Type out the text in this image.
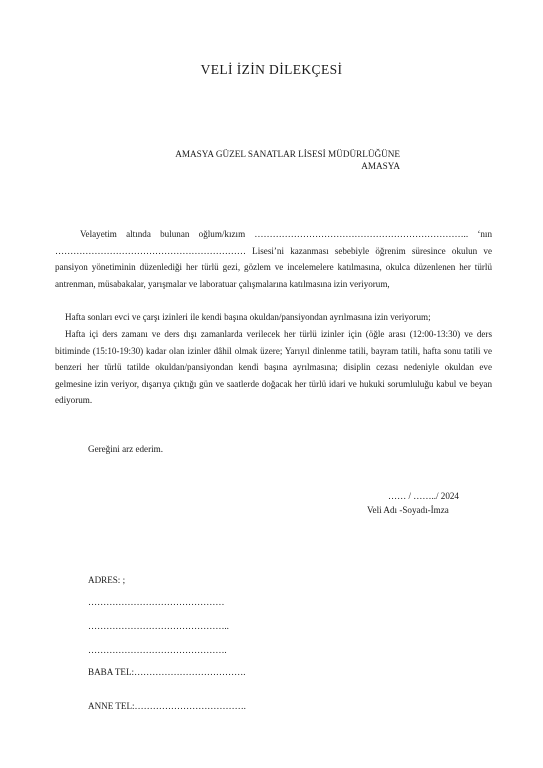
VELİ İZİN DİLEKÇESİ
AMASYA GÜZEL SANATLAR LİSESİ MÜDÜRLÜĞÜNE
AMASYA
Velayetim altında bulunan oğlum/kızım …………………………………………………………….. ‘nın ……………………………………………………… Lisesi’ni kazanması sebebiyle öğrenim süresince okulun ve pansiyon yönetiminin düzenlediği her türlü gezi, gözlem ve incelemelere katılmasına, okulca düzenlenen her türlü antrenman, müsabakalar, yarışmalar ve laboratuar çalışmalarına katılmasına izin veriyorum,
Hafta sonları evci ve çarşı izinleri ile kendi başına okuldan/pansiyondan ayrılmasına izin veriyorum;
Hafta içi ders zamanı ve ders dışı zamanlarda verilecek her türlü izinler için (öğle arası (12:00-13:30) ve ders bitiminde (15:10-19:30) kadar olan izinler dâhil olmak üzere; Yarıyıl dinlenme tatili, bayram tatili, hafta sonu tatili ve benzeri her türlü tatilde okuldan/pansiyondan kendi başına ayrılmasına; disiplin cezası nedeniyle okuldan eve gelmesine izin veriyor, dışarıya çıktığı gün ve saatlerde doğacak her türlü idari ve hukuki sorumluluğu kabul ve beyan ediyorum.
Gereğini arz ederim.
…… / ……../ 2024
Veli Adı -Soyadı-İmza
ADRES: ;
………………………………………
………………………………………..
……………………………………….
BABA TEL:……………………………….
ANNE TEL:……………………………….
